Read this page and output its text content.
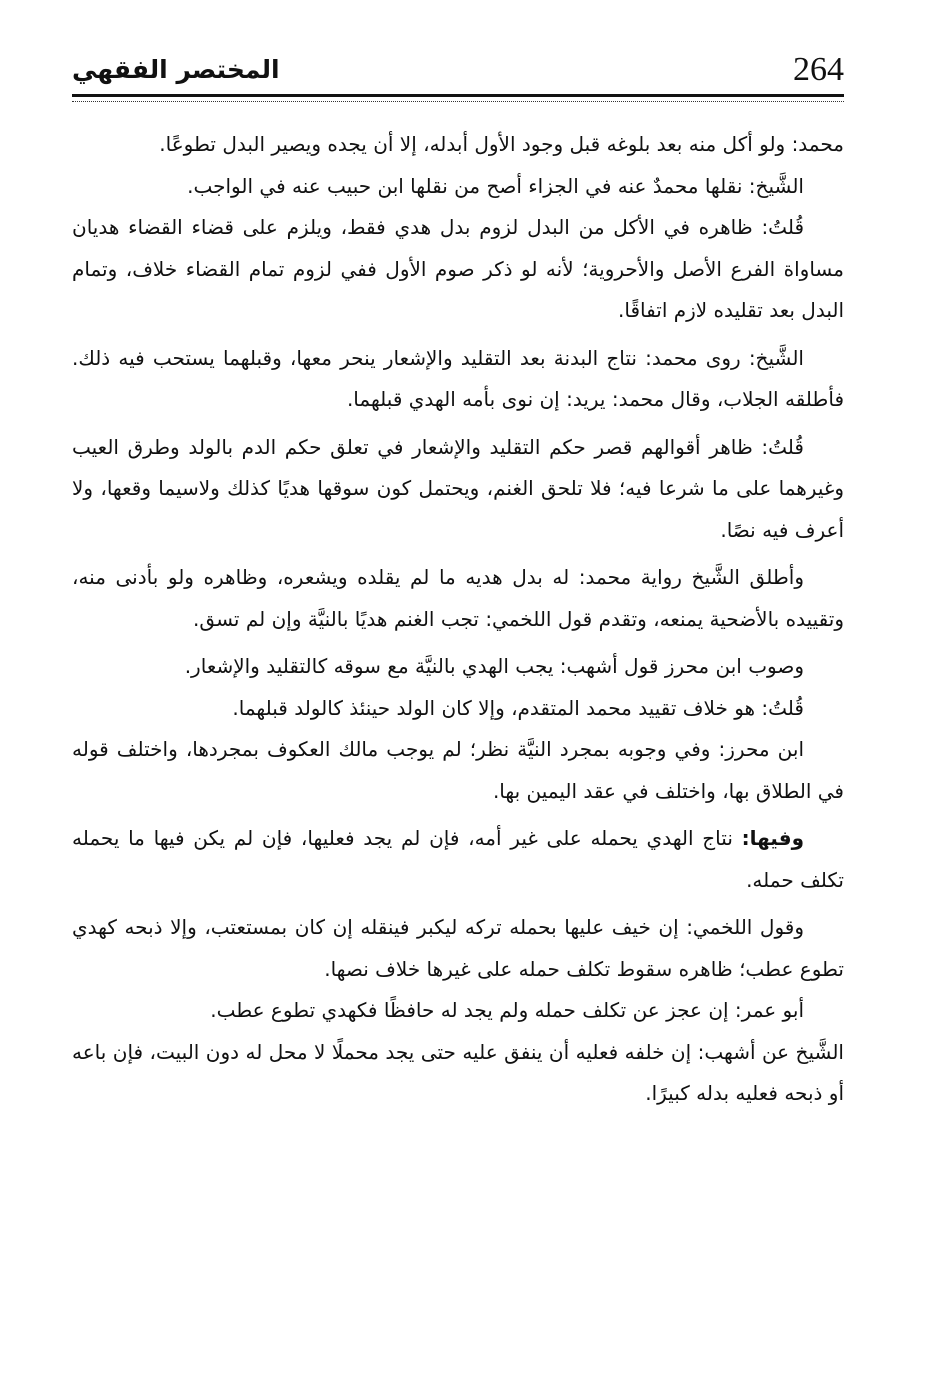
المختصر الفقهي	264

محمد: ولو أكل منه بعد بلوغه قبل وجود الأول أبدله، إلا أن يجده ويصير البدل تطوعًا.

الشَّيخ: نقلها محمدٌ عنه في الجزاء أصح من نقلها ابن حبيب عنه في الواجب.

قُلتُ: ظاهره في الأكل من البدل لزوم بدل هدي فقط، ويلزم على قضاء القضاء هديان مساواة الفرع الأصل والأحروية؛ لأنه لو ذكر صوم الأول ففي لزوم تمام القضاء خلاف، وتمام البدل بعد تقليده لازم اتفاقًا.

الشَّيخ: روى محمد: نتاج البدنة بعد التقليد والإشعار ينحر معها، وقبلهما يستحب فيه ذلك. فأطلقه الجلاب، وقال محمد: يريد: إن نوى بأمه الهدي قبلهما.

قُلتُ: ظاهر أقوالهم قصر حكم التقليد والإشعار في تعلق حكم الدم بالولد وطرق العيب وغيرهما على ما شرعا فيه؛ فلا تلحق الغنم، ويحتمل كون سوقها هديًا كذلك ولاسيما وقعها، ولا أعرف فيه نصًا.

وأطلق الشَّيخ رواية محمد: له بدل هديه ما لم يقلده ويشعره، وظاهره ولو بأدنى منه، وتقييده بالأضحية يمنعه، وتقدم قول اللخمي: تجب الغنم هديًا بالنيَّة وإن لم تسق.

وصوب ابن محرز قول أشهب: يجب الهدي بالنيَّة مع سوقه كالتقليد والإشعار.

قُلتُ: هو خلاف تقييد محمد المتقدم، وإلا كان الولد حينئذ كالولد قبلهما.

ابن محرز: وفي وجوبه بمجرد النيَّة نظر؛ لم يوجب مالك العكوف بمجردها، واختلف قوله في الطلاق بها، واختلف في عقد اليمين بها.

وفيها: نتاج الهدي يحمله على غير أمه، فإن لم يجد فعليها، فإن لم يكن فيها ما يحمله تكلف حمله.

وقول اللخمي: إن خيف عليها بحمله تركه ليكبر فينقله إن كان بمستعتب، وإلا ذبحه كهدي تطوع عطب؛ ظاهره سقوط تكلف حمله على غيرها خلاف نصها.

أبو عمر: إن عجز عن تكلف حمله ولم يجد له حافظًا فكهدي تطوع عطب.

الشَّيخ عن أشهب: إن خلفه فعليه أن ينفق عليه حتى يجد محملًا لا محل له دون البيت، فإن باعه أو ذبحه فعليه بدله كبيرًا.
